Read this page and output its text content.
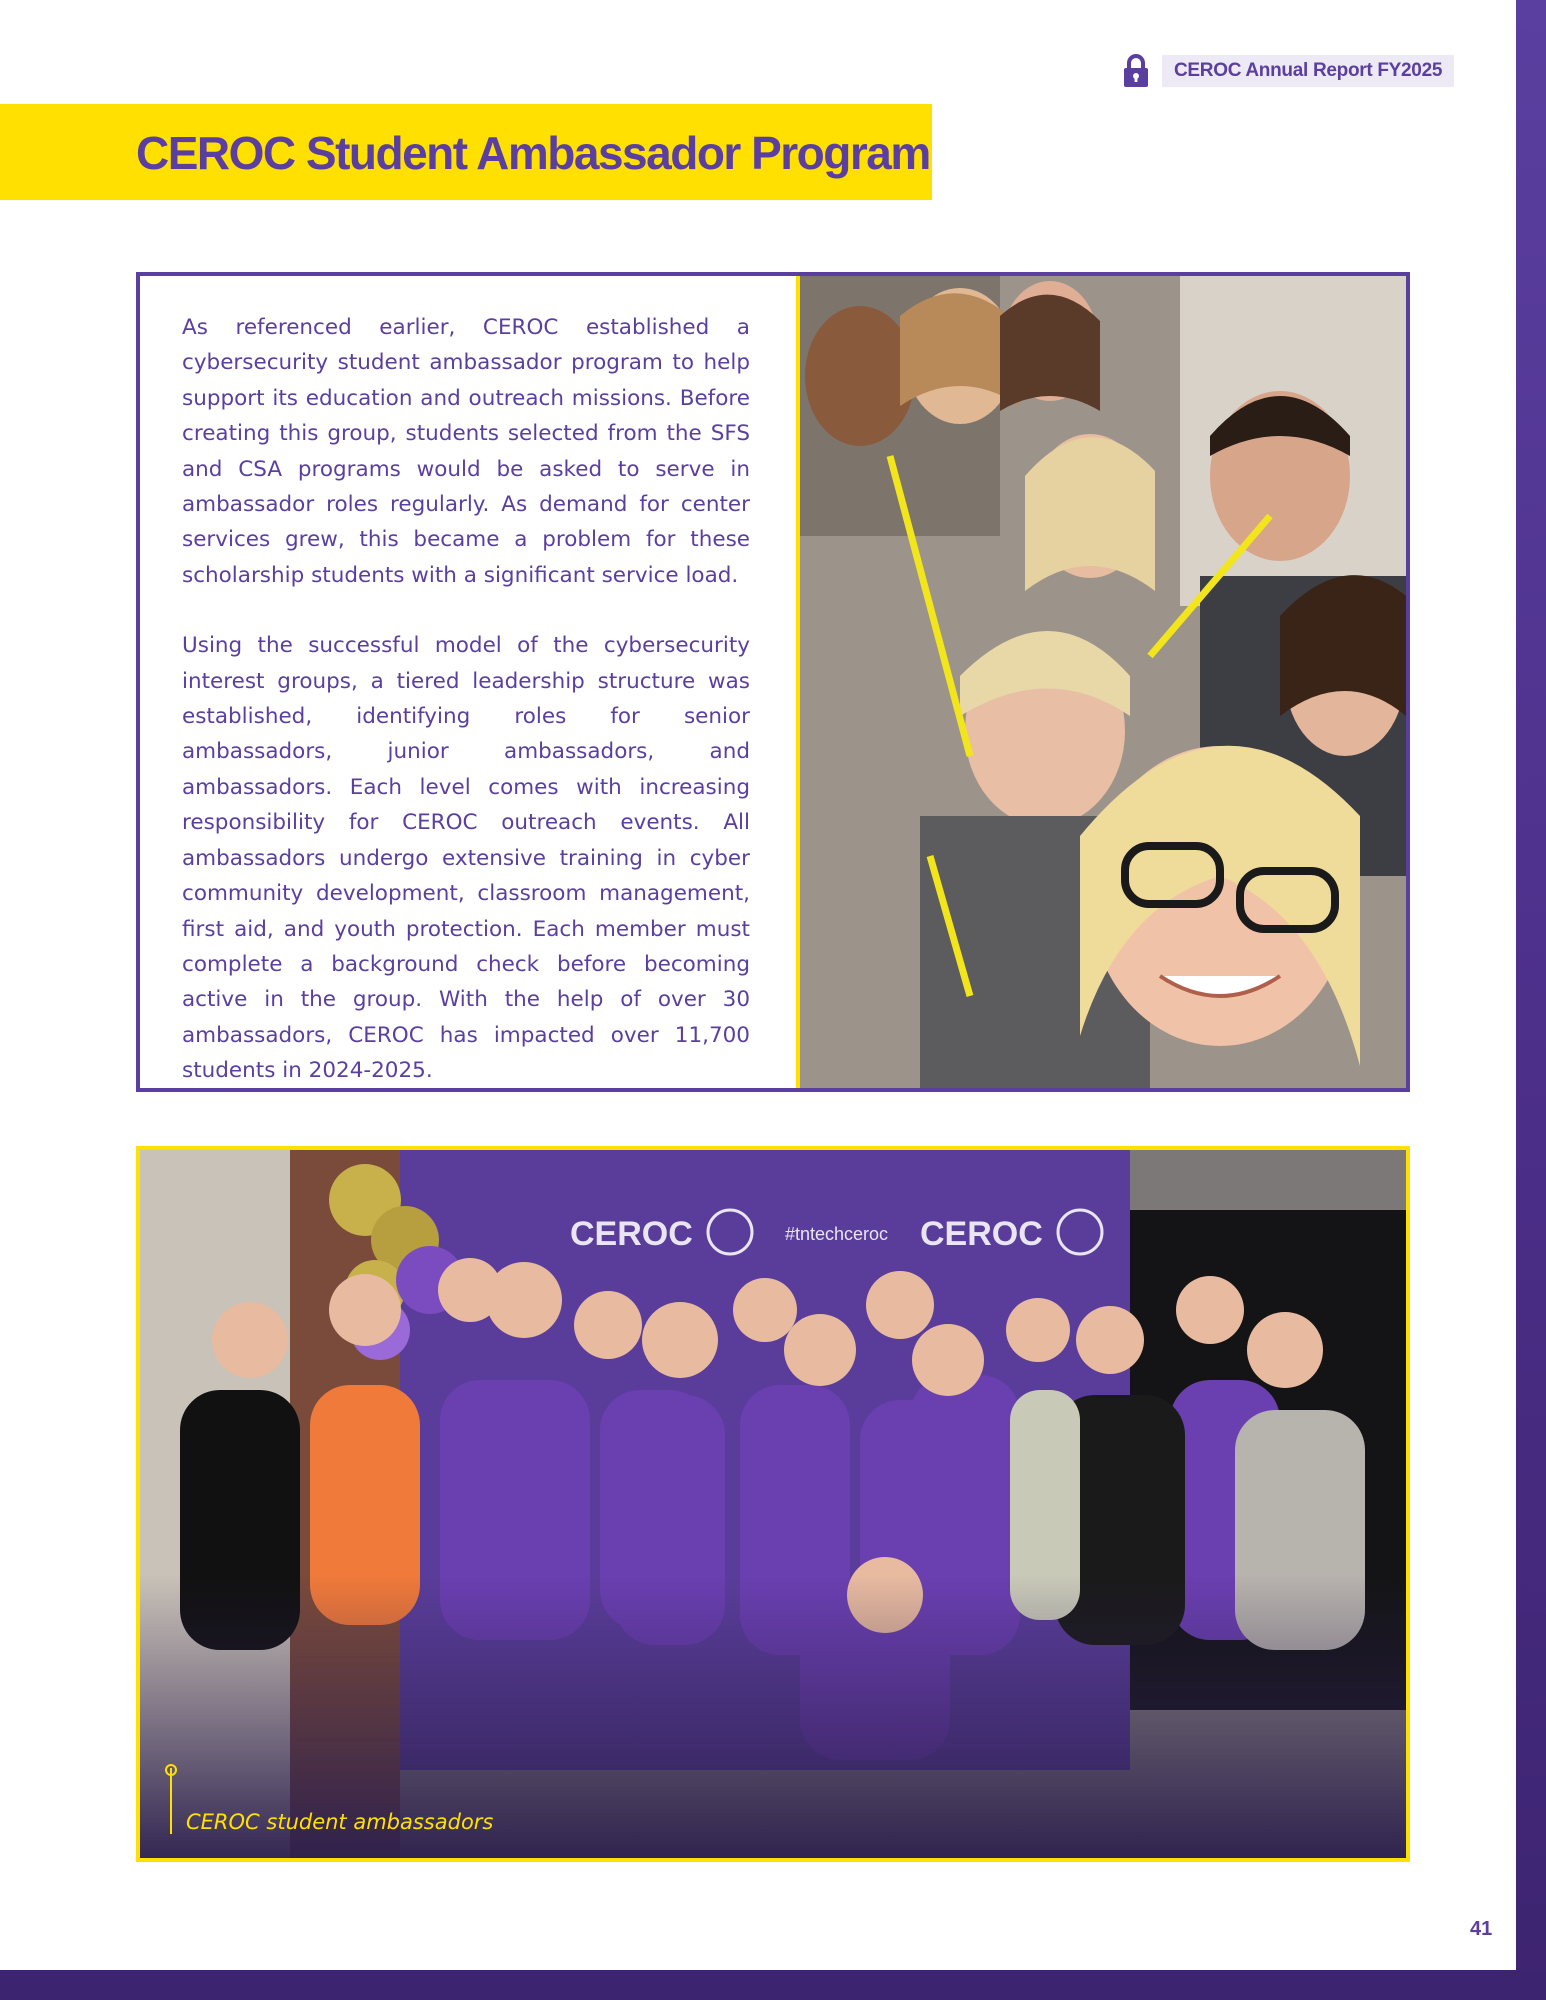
CEROC Annual Report FY2025
CEROC Student Ambassador Program

As referenced earlier, CEROC established a cybersecurity student ambassador program to help support its education and outreach missions. Before creating this group, students selected from the SFS and CSA programs would be asked to serve in ambassador roles regularly. As demand for center services grew, this became a problem for these scholarship students with a significant service load.

Using the successful model of the cybersecurity interest groups, a tiered leadership structure was established, identifying roles for senior ambassadors, junior ambassadors, and ambassadors. Each level comes with increasing responsibility for CEROC outreach events. All ambassadors undergo extensive training in cyber community development, classroom management, first aid, and youth protection. Each member must complete a background check before becoming active in the group. With the help of over 30 ambassadors, CEROC has impacted over 11,700 students in 2024-2025.

CEROC student ambassadors
41
